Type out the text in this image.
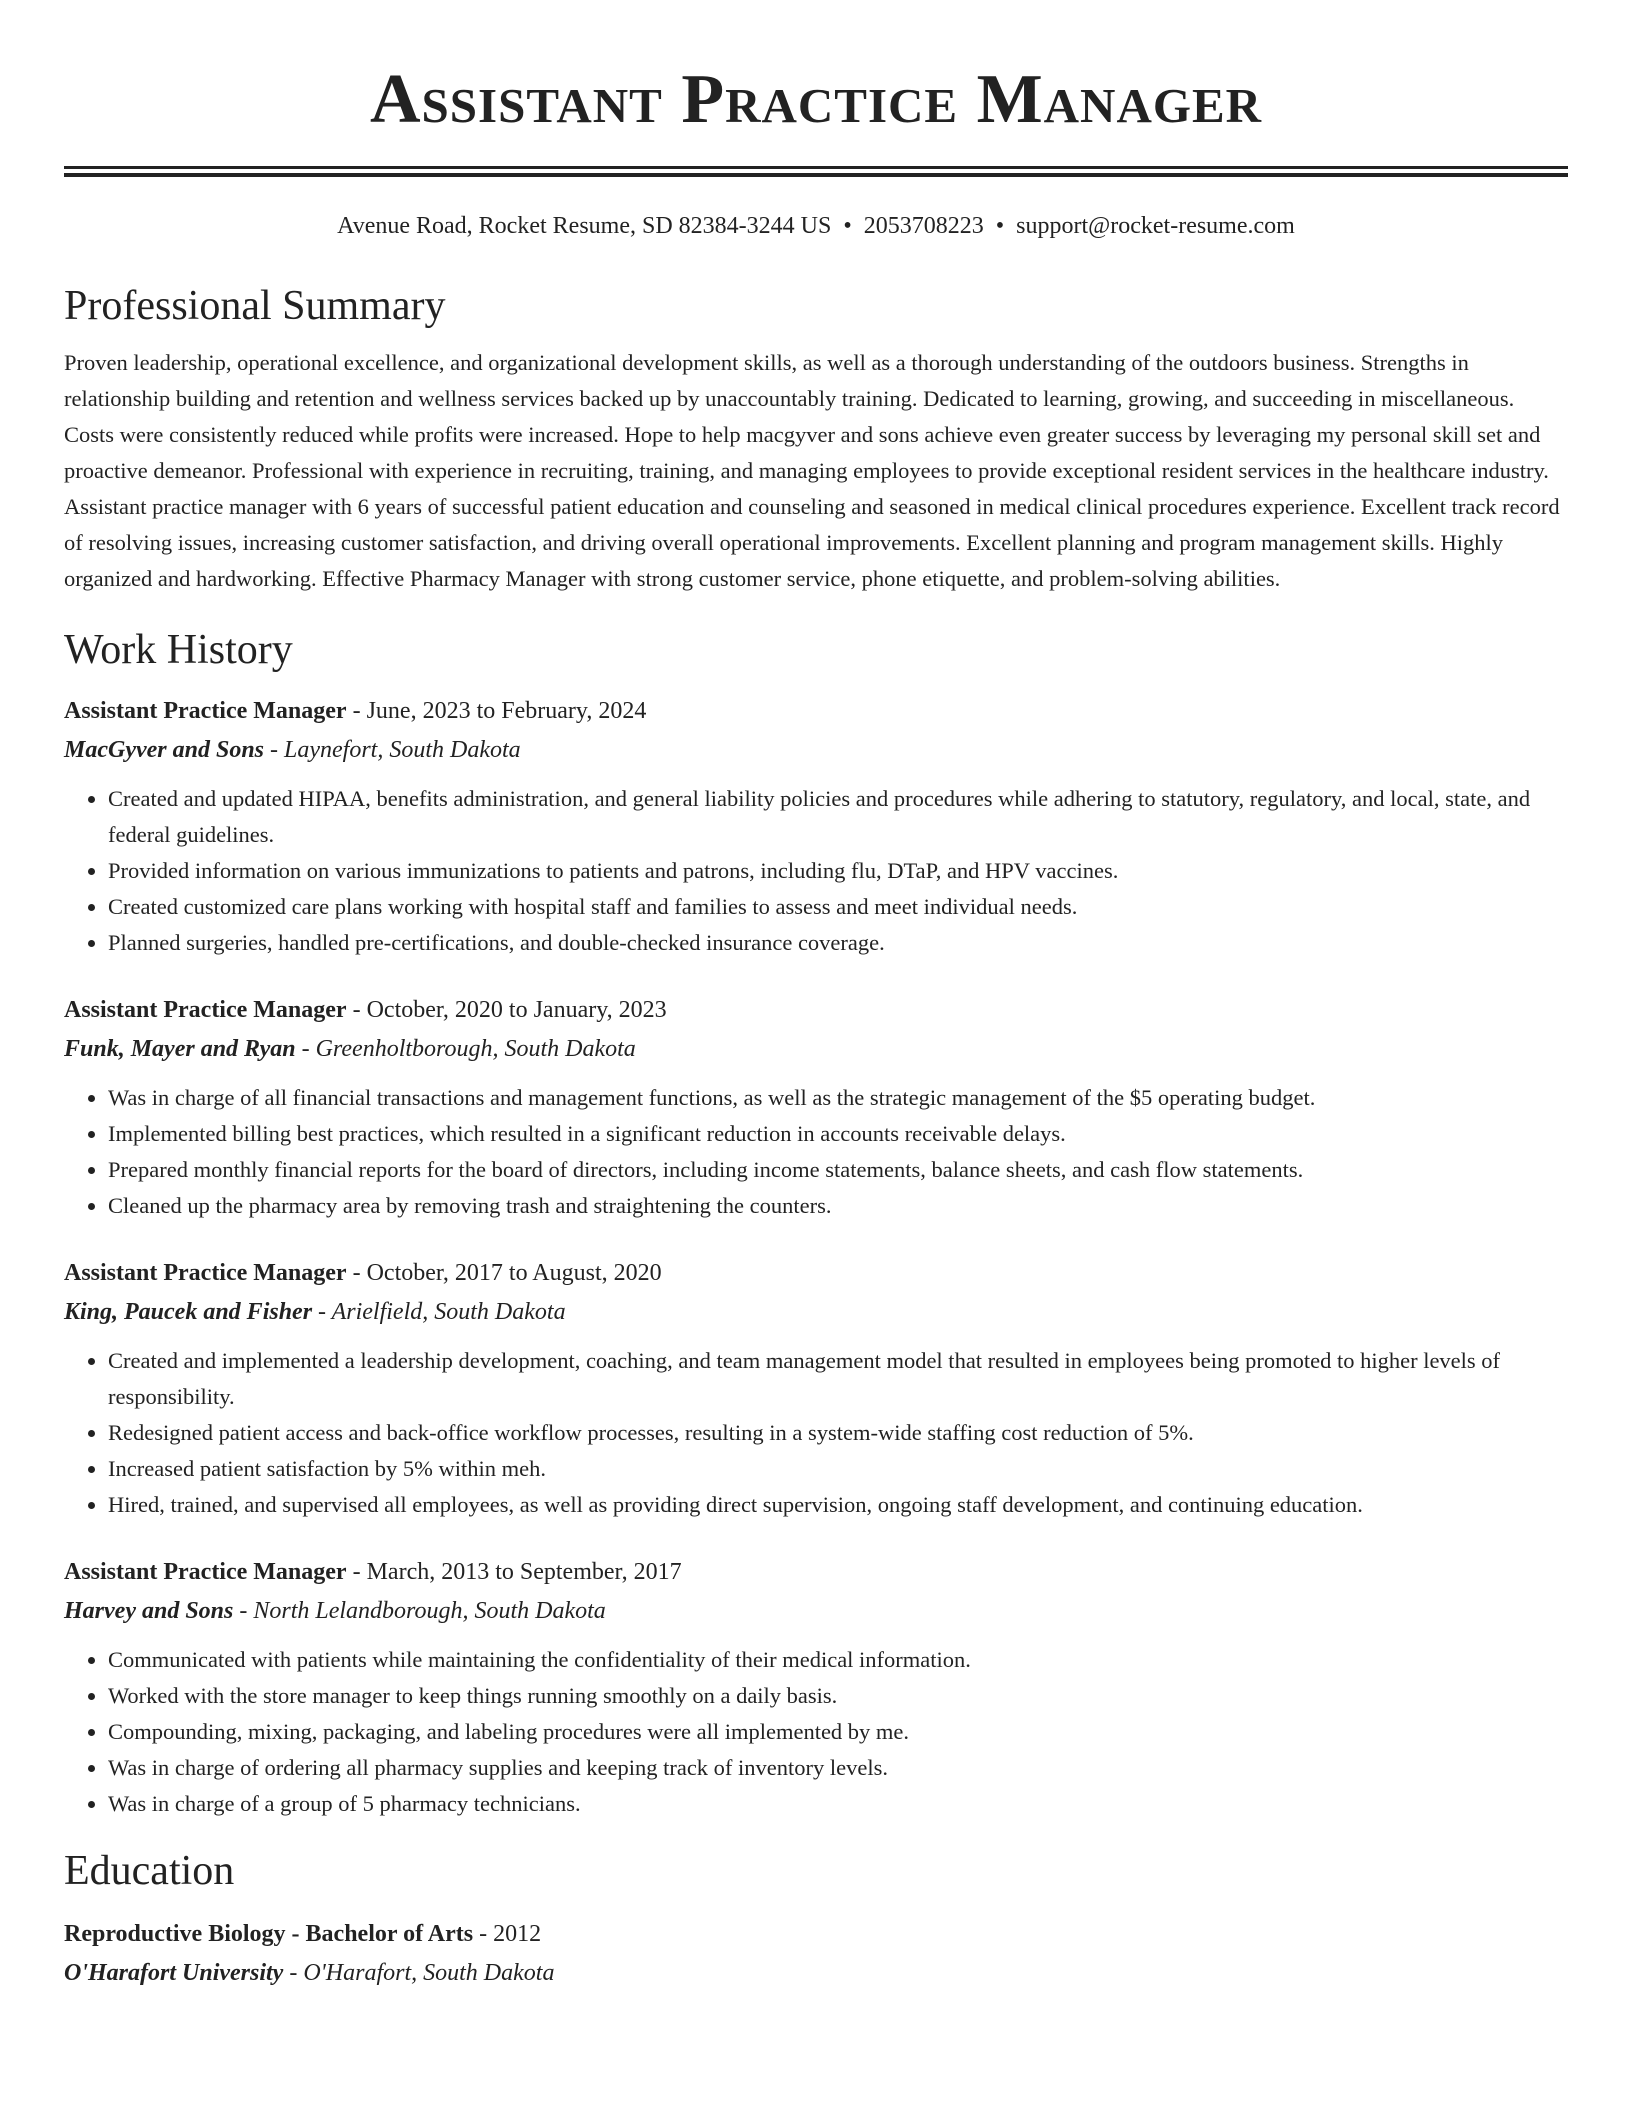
Assistant Practice Manager
Avenue Road, Rocket Resume, SD 82384-3244 US • 2053708223 • support@rocket-resume.com
Professional Summary

Proven leadership, operational excellence, and organizational development skills, as well as a thorough understanding of the outdoors business. Strengths in relationship building and retention and wellness services backed up by unaccountably training. Dedicated to learning, growing, and succeeding in miscellaneous. Costs were consistently reduced while profits were increased. Hope to help macgyver and sons achieve even greater success by leveraging my personal skill set and proactive demeanor. Professional with experience in recruiting, training, and managing employees to provide exceptional resident services in the healthcare industry. Assistant practice manager with 6 years of successful patient education and counseling and seasoned in medical clinical procedures experience. Excellent track record of resolving issues, increasing customer satisfaction, and driving overall operational improvements. Excellent planning and program management skills. Highly organized and hardworking. Effective Pharmacy Manager with strong customer service, phone etiquette, and problem-solving abilities.

Work History
Assistant Practice Manager - June, 2023 to February, 2024
MacGyver and Sons - Laynefort, South Dakota
• Created and updated HIPAA, benefits administration, and general liability policies and procedures while adhering to statutory, regulatory, and local, state, and federal guidelines.
• Provided information on various immunizations to patients and patrons, including flu, DTaP, and HPV vaccines.
• Created customized care plans working with hospital staff and families to assess and meet individual needs.
• Planned surgeries, handled pre-certifications, and double-checked insurance coverage.
Assistant Practice Manager - October, 2020 to January, 2023
Funk, Mayer and Ryan - Greenholtborough, South Dakota
• Was in charge of all financial transactions and management functions, as well as the strategic management of the $5 operating budget.
• Implemented billing best practices, which resulted in a significant reduction in accounts receivable delays.
• Prepared monthly financial reports for the board of directors, including income statements, balance sheets, and cash flow statements.
• Cleaned up the pharmacy area by removing trash and straightening the counters.
Assistant Practice Manager - October, 2017 to August, 2020
King, Paucek and Fisher - Arielfield, South Dakota
• Created and implemented a leadership development, coaching, and team management model that resulted in employees being promoted to higher levels of responsibility.
• Redesigned patient access and back-office workflow processes, resulting in a system-wide staffing cost reduction of 5%.
• Increased patient satisfaction by 5% within meh.
• Hired, trained, and supervised all employees, as well as providing direct supervision, ongoing staff development, and continuing education.
Assistant Practice Manager - March, 2013 to September, 2017
Harvey and Sons - North Lelandborough, South Dakota
• Communicated with patients while maintaining the confidentiality of their medical information.
• Worked with the store manager to keep things running smoothly on a daily basis.
• Compounding, mixing, packaging, and labeling procedures were all implemented by me.
• Was in charge of ordering all pharmacy supplies and keeping track of inventory levels.
• Was in charge of a group of 5 pharmacy technicians.
Education
Reproductive Biology - Bachelor of Arts - 2012
O'Harafort University - O'Harafort, South Dakota
